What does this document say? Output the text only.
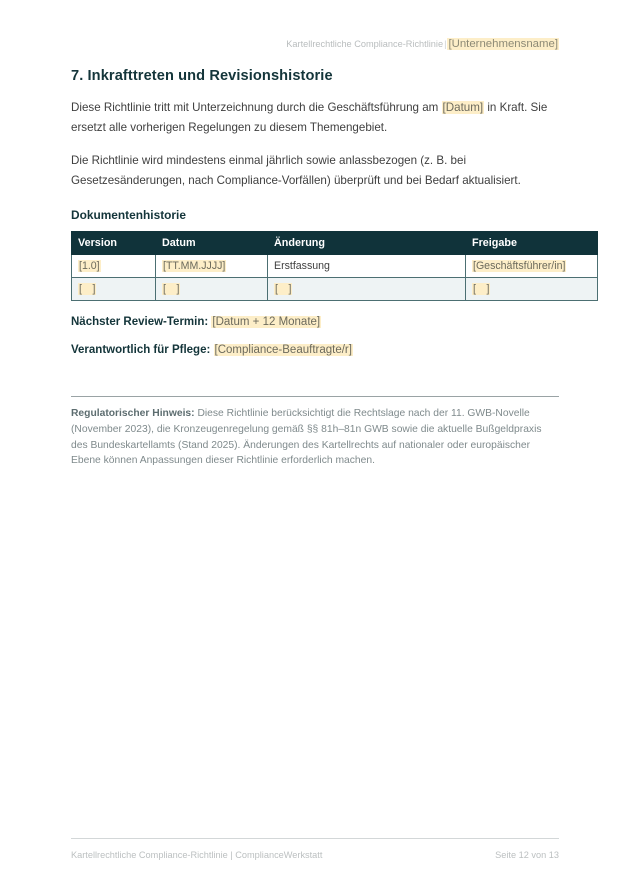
Kartellrechtliche Compliance-Richtlinie| [Unternehmensname]
7. Inkrafttreten und Revisionshistorie

Diese Richtlinie tritt mit Unterzeichnung durch die Geschäftsführung am [Datum] in Kraft. Sie ersetzt alle vorherigen Regelungen zu diesem Themengebiet.

Die Richtlinie wird mindestens einmal jährlich sowie anlassbezogen (z. B. bei Gesetzesänderungen, nach Compliance-Vorfällen) überprüft und bei Bedarf aktualisiert.

Dokumentenhistorie
Version	Datum	Änderung	Freigabe
[1.0]	[TT.MM.JJJJ]	Erstfassung	[Geschäftsführer/in]
[  ]	[  ]	[  ]	[  ]
Nächster Review-Termin: [Datum + 12 Monate]
Verantwortlich für Pflege: [Compliance-Beauftragte/r]

Regulatorischer Hinweis: Diese Richtlinie berücksichtigt die Rechtslage nach der 11. GWB-Novelle (November 2023), die Kronzeugenregelung gemäß §§ 81h–81n GWB sowie die aktuelle Bußgeldpraxis des Bundeskartellamts (Stand 2025). Änderungen des Kartellrechts auf nationaler oder europäischer Ebene können Anpassungen dieser Richtlinie erforderlich machen.

Kartellrechtliche Compliance-Richtlinie | ComplianceWerkstatt	Seite 12 von 13
